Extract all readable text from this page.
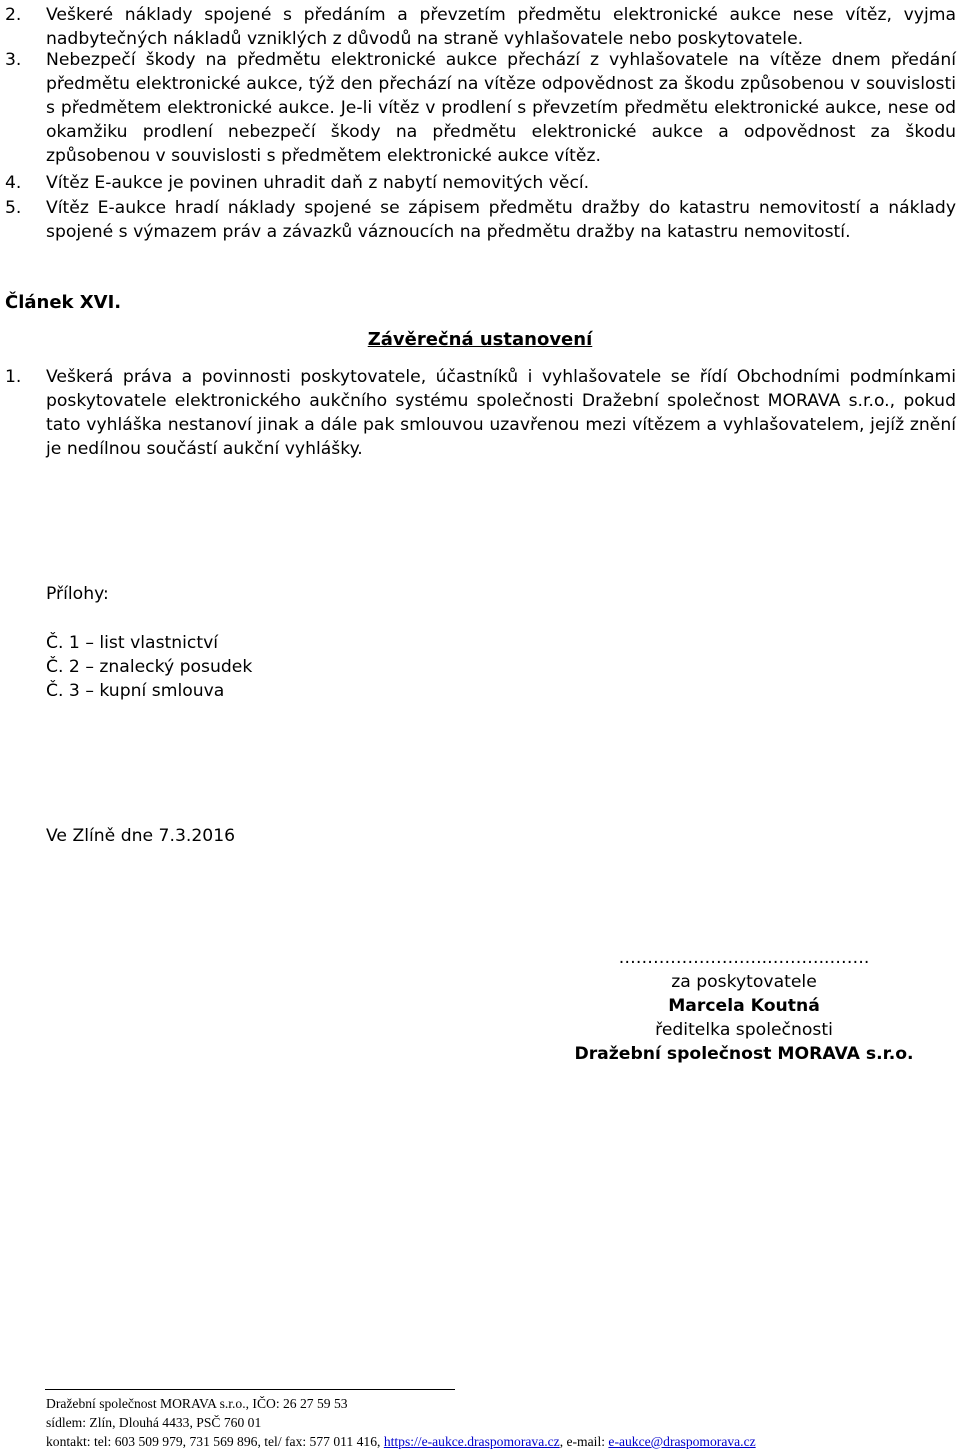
2.	Veškeré náklady spojené s předáním a převzetím předmětu elektronické aukce nese vítěz, vyjma nadbytečných nákladů vzniklých z důvodů na straně vyhlašovatele nebo poskytovatele.
3.	Nebezpečí škody na předmětu elektronické aukce přechází z vyhlašovatele na vítěze dnem předání předmětu elektronické aukce, týž den přechází na vítěze odpovědnost za škodu způsobenou v souvislosti s předmětem elektronické aukce. Je-li vítěz v prodlení s převzetím předmětu elektronické aukce, nese od okamžiku prodlení nebezpečí škody na předmětu elektronické aukce a odpovědnost za škodu způsobenou v souvislosti s předmětem elektronické aukce vítěz.
4.	Vítěz E-aukce je povinen uhradit daň z nabytí nemovitých věcí.
5.	Vítěz E-aukce hradí náklady spojené se zápisem předmětu dražby do katastru nemovitostí a náklady spojené s výmazem práv a závazků váznoucích na předmětu dražby na katastru nemovitostí.
Článek XVI.
Závěrečná ustanovení
1.	Veškerá práva a povinnosti poskytovatele, účastníků i vyhlašovatele se řídí Obchodními podmínkami poskytovatele elektronického aukčního systému společnosti Dražební společnost MORAVA s.r.o., pokud tato vyhláška nestanoví jinak a dále pak smlouvou uzavřenou mezi vítězem a vyhlašovatelem, jejíž znění je nedílnou součástí aukční vyhlášky.
Přílohy:
Č. 1 – list vlastnictví
Č. 2 – znalecký posudek
Č. 3 – kupní smlouva
Ve Zlíně dne 7.3.2016
……………………..………..…….
za poskytovatele
Marcela Koutná
ředitelka společnosti
Dražební společnost MORAVA s.r.o.
Dražební společnost MORAVA s.r.o., IČO: 26 27 59 53
sídlem: Zlín, Dlouhá 4433, PSČ 760 01
kontakt: tel: 603 509 979, 731 569 896, tel/ fax: 577 011 416, https://e-aukce.draspomorava.cz, e-mail: e-aukce@draspomorava.cz
